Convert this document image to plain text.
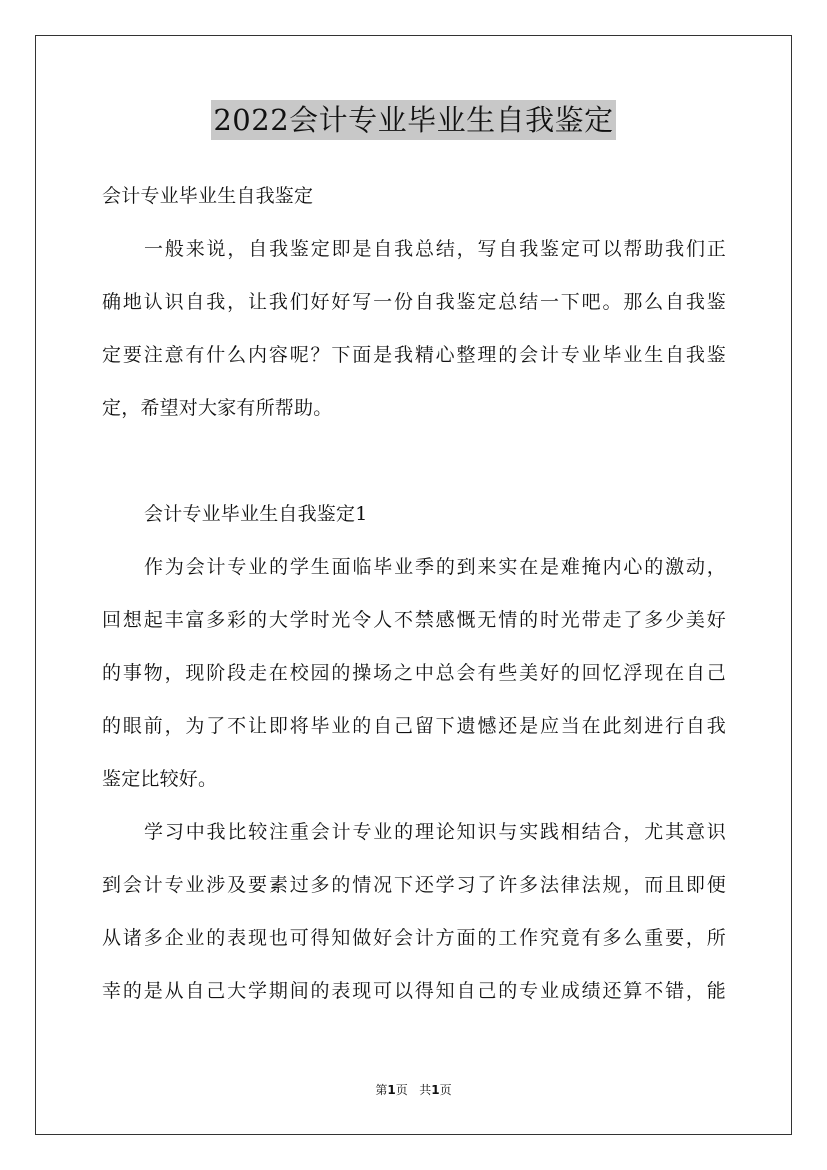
2022会计专业毕业生自我鉴定
会计专业毕业生自我鉴定
一般来说，自我鉴定即是自我总结，写自我鉴定可以帮助我们正
确地认识自我，让我们好好写一份自我鉴定总结一下吧。那么自我鉴
定要注意有什么内容呢？下面是我精心整理的会计专业毕业生自我鉴
定，希望对大家有所帮助。
会计专业毕业生自我鉴定1
作为会计专业的学生面临毕业季的到来实在是难掩内心的激动，
回想起丰富多彩的大学时光令人不禁感慨无情的时光带走了多少美好
的事物，现阶段走在校园的操场之中总会有些美好的回忆浮现在自己
的眼前，为了不让即将毕业的自己留下遗憾还是应当在此刻进行自我
鉴定比较好。
学习中我比较注重会计专业的理论知识与实践相结合，尤其意识
到会计专业涉及要素过多的情况下还学习了许多法律法规，而且即便
从诸多企业的表现也可得知做好会计方面的工作究竟有多么重要，所
幸的是从自己大学期间的表现可以得知自己的专业成绩还算不错，能
第1页 共1页
